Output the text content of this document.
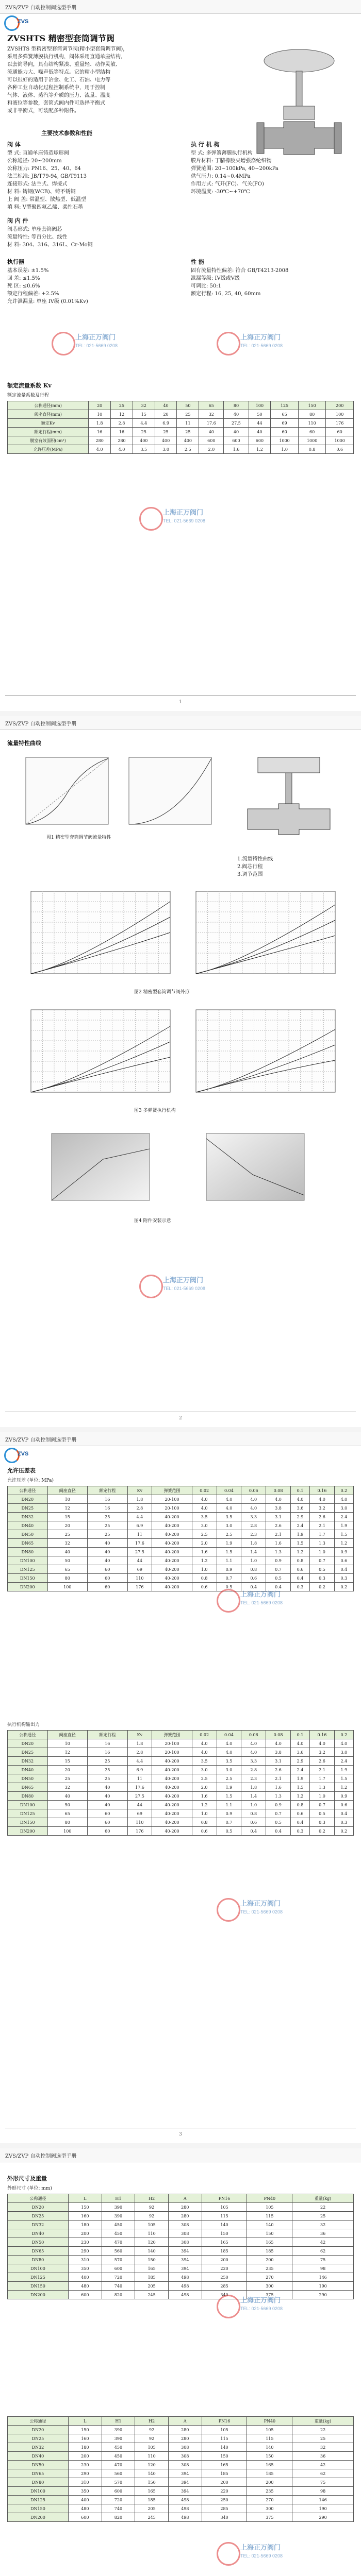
ZVS/ZVP 自动控制阀选型手册
ZVS
ZVSHTS 精密型套筒调节阀
ZVSHTS 型精密型套筒调节阀(精小型套筒调节阀)，
采用多弹簧薄膜执行机构，阀体采用直通单座结构，
以套筒导向，具有结构紧凑、重量轻、动作灵敏、
流通能力大、噪声低等特点。它的精小型结构
可以很好的适用于冶金、化工、石油、电力等
各种工业自动化过程控制系统中，用于控制
气体、液体、蒸汽等介质的压力、流量、温度
和液位等参数，套筒式阀内件可选择平衡式
或非平衡式，可装配多种附件。
主要技术参数和性能
阀 体
型 式: 直通单座铸造球形阀
公称通径: 20~200mm
公称压力: PN16、25、40、64
法兰标准: JB/T79-94, GB/T9113
连接形式: 法兰式、焊接式
材 料: 铸钢(WCB)、铸不锈钢
上 阀 盖: 常温型、散热型、低温型
填 料: V型聚四氟乙烯、柔性石墨
阀 内 件
阀芯形式: 单座套筒阀芯
流量特性: 等百分比、线性
材 料: 304、316、316L、Cr-Mo钢
执 行 机 构
型 式: 多弹簧薄膜执行机构
膜片材料: 丁腈橡胶夹增强涤纶织物
弹簧范围: 20~100kPa, 40~200kPa
供气压力: 0.14~0.4MPa
作用方式: 气开(FC)、气关(FO)
环境温度: -30℃~+70℃
执行器
基本误差: ±1.5%
回 差: ≤1.5%
死 区: ≤0.6%
额定行程偏差: +2.5%
允许泄漏量: 单座 IV级 (0.01%Kv)
性 能
固有流量特性偏差: 符合 GB/T4213-2008
泄漏等级: IV级或V级
可调比: 50:1
额定行程: 16, 25, 40, 60mm
上海正万阀门
TEL: 021-5669 0208
上海正万阀门
TEL: 021-5669 0208
额定流量系数 Kv
额定流量系数及行程
公称通径(mm)	20	25	32	40	50	65	80	100	125	150	200
阀座直径(mm)	10	12	15	20	25	32	40	50	65	80	100
额定Kv	1.8	2.8	4.4	6.9	11	17.6	27.5	44	69	110	176
额定行程(mm)	16	16	25	25	25	40	40	40	60	60	60
膜室有效面积(cm²)	280	280	400	400	400	600	600	600	1000	1000	1000
允许压差(MPa)	4.0	4.0	3.5	3.0	2.5	2.0	1.6	1.2	1.0	0.8	0.6
上海正万阀门
TEL: 021-5669 0208
1
ZVS/ZVP 自动控制阀选型手册
流量特性曲线
图1 精密型套筒调节阀流量特性
1.流量特性曲线
2.阀芯行程
3.调节范围
图2 精密型套筒调节阀外形
图3 多弹簧执行机构
图4 附件安装示意
上海正万阀门
TEL: 021-5669 0208
2
ZVS/ZVP 自动控制阀选型手册
ZVS
允许压差表
允许压差 (单位: MPa)
公称通径	阀座直径	额定行程	Kv	弹簧范围	0.02	0.04	0.06	0.08	0.1	0.16	0.2
DN20	10	16	1.8	20-100	4.0	4.0	4.0	4.0	4.0	4.0	4.0
DN25	12	16	2.8	20-100	4.0	4.0	4.0	3.8	3.6	3.2	3.0
DN32	15	25	4.4	40-200	3.5	3.5	3.3	3.1	2.9	2.6	2.4
DN40	20	25	6.9	40-200	3.0	3.0	2.8	2.6	2.4	2.1	1.9
DN50	25	25	11	40-200	2.5	2.5	2.3	2.1	1.9	1.7	1.5
DN65	32	40	17.6	40-200	2.0	1.9	1.8	1.6	1.5	1.3	1.2
DN80	40	40	27.5	40-200	1.6	1.5	1.4	1.3	1.2	1.0	0.9
DN100	50	40	44	40-200	1.2	1.1	1.0	0.9	0.8	0.7	0.6
DN125	65	60	69	40-200	1.0	0.9	0.8	0.7	0.6	0.5	0.4
DN150	80	60	110	40-200	0.8	0.7	0.6	0.5	0.4	0.3	0.3
DN200	100	60	176	40-200	0.6	0.5	0.4	0.4	0.3	0.2	0.2
执行机构输出力
公称通径	阀座直径	额定行程	Kv	弹簧范围	0.02	0.04	0.06	0.08	0.1	0.16	0.2
DN20	10	16	1.8	20-100	4.0	4.0	4.0	4.0	4.0	4.0	4.0
DN25	12	16	2.8	20-100	4.0	4.0	4.0	3.8	3.6	3.2	3.0
DN32	15	25	4.4	40-200	3.5	3.5	3.3	3.1	2.9	2.6	2.4
DN40	20	25	6.9	40-200	3.0	3.0	2.8	2.6	2.4	2.1	1.9
DN50	25	25	11	40-200	2.5	2.5	2.3	2.1	1.9	1.7	1.5
DN65	32	40	17.6	40-200	2.0	1.9	1.8	1.6	1.5	1.3	1.2
DN80	40	40	27.5	40-200	1.6	1.5	1.4	1.3	1.2	1.0	0.9
DN100	50	40	44	40-200	1.2	1.1	1.0	0.9	0.8	0.7	0.6
DN125	65	60	69	40-200	1.0	0.9	0.8	0.7	0.6	0.5	0.4
DN150	80	60	110	40-200	0.8	0.7	0.6	0.5	0.4	0.3	0.3
DN200	100	60	176	40-200	0.6	0.5	0.4	0.4	0.3	0.2	0.2
上海正万阀门
TEL: 021-5669 0208
上海正万阀门
TEL: 021-5669 0208
3
ZVS/ZVP 自动控制阀选型手册
外形尺寸及重量
外形尺寸 (单位: mm)
公称通径	L	H1	H2	A	PN16	PN40	重量(kg)
DN20	150	390	92	280	105	105	22
DN25	160	390	92	280	115	115	25
DN32	180	450	105	308	140	140	32
DN40	200	450	110	308	150	150	36
DN50	230	470	120	308	165	165	42
DN65	290	560	140	394	185	185	62
DN80	310	570	150	394	200	200	75
DN100	350	600	165	394	220	235	98
DN125	400	720	185	498	250	270	146
DN150	480	740	205	498	285	300	190
DN200	600	820	245	498	340	375	290
公称通径	L	H1	H2	A	PN16	PN40	重量(kg)
DN20	150	390	92	280	105	105	22
DN25	160	390	92	280	115	115	25
DN32	180	450	105	308	140	140	32
DN40	200	450	110	308	150	150	36
DN50	230	470	120	308	165	165	42
DN65	290	560	140	394	185	185	62
DN80	310	570	150	394	200	200	75
DN100	350	600	165	394	220	235	98
DN125	400	720	185	498	250	270	146
DN150	480	740	205	498	285	300	190
DN200	600	820	245	498	340	375	290
上海正万阀门
TEL: 021-5669 0208
上海正万阀门
TEL: 021-5669 0208
